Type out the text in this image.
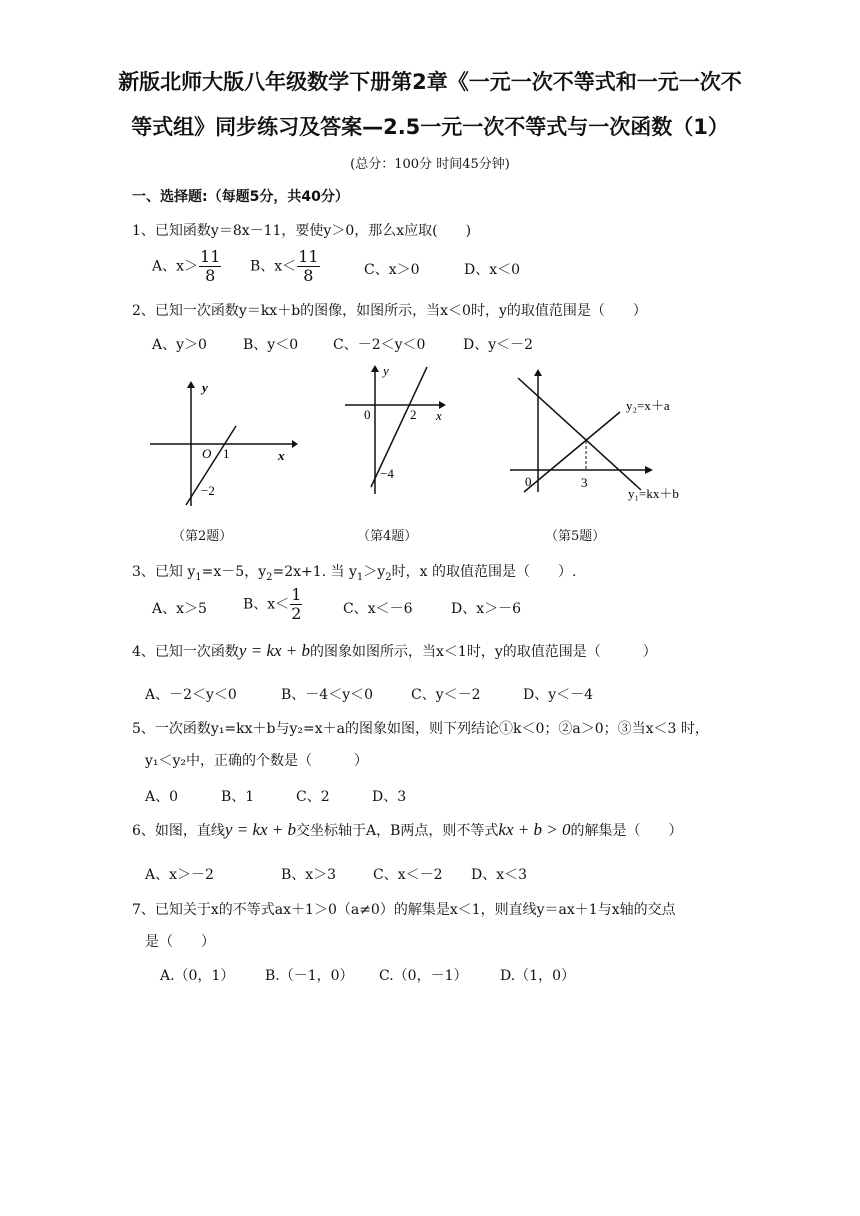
新版北师大版八年级数学下册第2章《一元一次不等式和一元一次不
等式组》同步练习及答案—2.5一元一次不等式与一次函数（1）
(总分：100分 时间45分钟)
一、选择题:（每题5分，共40分）
1、已知函数y＝8x－11，要使y＞0，那么x应取(　　)
A、$x> \frac{11}{8}$ B、$x< \frac{11}{8}$	C、x＞0	D、x＜0
2、已知一次函数y＝kx＋b的图像，如图所示，当x＜0时，y的取值范围是（　　）
A、y＞0	B、y＜0 C、－2＜y＜0	D、y＜－2
y
x
O 1
−2
（第2题）
y
x
0	2
−4
（第4题）
0	3
y₂=x＋a
y₁=kx＋b
（第5题）
3、已知 $y_1=x-5$，$y_2=2x+1$. 当 $y_1>y_2$时，x 的取值范围是（　　）.
A、x＞5	B、$x< \frac{1}{2}$	C、x＜－6	D、x＞－6
4、已知一次函数y = kx + b的图象如图所示，当x＜1时，y的取值范围是（　　　）
A、－2＜y＜0	B、－4＜y＜0	C、y＜－2	D、y＜－4
5、一次函数y₁=kx＋b与y₂=x＋a的图象如图，则下列结论①k＜0；②a＞0；③当x＜3 时，
y₁＜y₂中，正确的个数是（　　　）
A、0	B、1	C、2	D、3
6、如图，直线y = kx + b交坐标轴于A，B两点，则不等式kx + b > 0的解集是（　　）
A、x＞－2	B、x＞3	C、x＜－2 D、x＜3
7、已知关于x的不等式ax＋1＞0（a≠0）的解集是x＜1，则直线y＝ax＋1与x轴的交点
是（　　）
A.（0，1） B.（－1，0） C.（0，－1） D.（1，0）
